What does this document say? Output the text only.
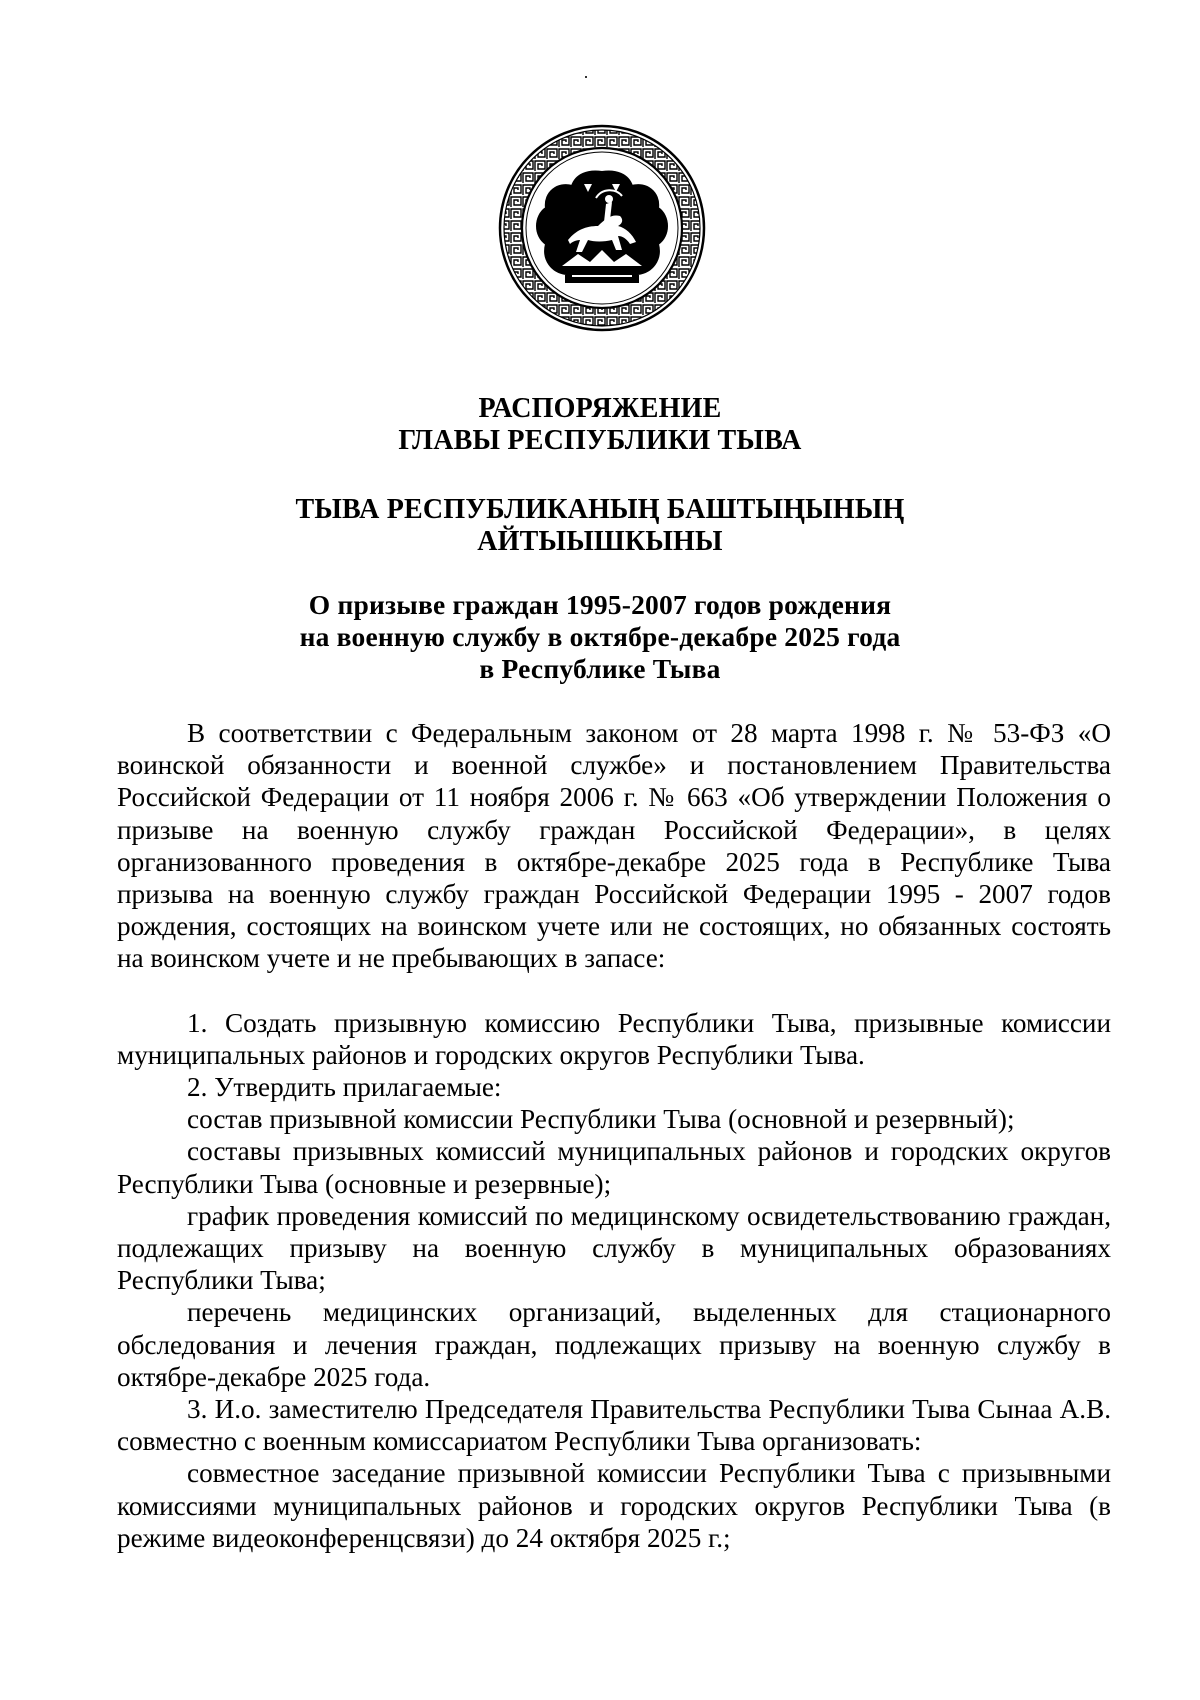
РАСПОРЯЖЕНИЕ
ГЛАВЫ РЕСПУБЛИКИ ТЫВА
ТЫВА РЕСПУБЛИКАНЫҢ БАШТЫҢЫНЫҢ
АЙТЫЫШКЫНЫ
О призыве граждан 1995-2007 годов рождения
на военную службу в октябре-декабре 2025 года
в Республике Тыва

В соответствии с Федеральным законом от 28 марта 1998 г. № 53-ФЗ «О воинской обязанности и военной службе» и постановлением Правительства Российской Федерации от 11 ноября 2006 г. № 663 «Об утверждении Положения о призыве на военную службу граждан Российской Федерации», в целях организованного проведения в октябре-декабре 2025 года в Республике Тыва призыва на военную службу граждан Российской Федерации 1995 - 2007 годов рождения, состоящих на воинском учете или не состоящих, но обязанных состоять на воинском учете и не пребывающих в запасе:

1. Создать призывную комиссию Республики Тыва, призывные комиссии муниципальных районов и городских округов Республики Тыва.

2. Утвердить прилагаемые:

состав призывной комиссии Республики Тыва (основной и резервный);

составы призывных комиссий муниципальных районов и городских округов Республики Тыва (основные и резервные);

график проведения комиссий по медицинскому освидетельствованию граждан, подлежащих призыву на военную службу в муниципальных образованиях Республики Тыва;

перечень медицинских организаций, выделенных для стационарного обследования и лечения граждан, подлежащих призыву на военную службу в октябре-декабре 2025 года.

3. И.о. заместителю Председателя Правительства Республики Тыва Сынаа А.В. совместно с военным комиссариатом Республики Тыва организовать:

совместное заседание призывной комиссии Республики Тыва с призывными комиссиями муниципальных районов и городских округов Республики Тыва (в режиме видеоконференцсвязи) до 24 октября 2025 г.;
